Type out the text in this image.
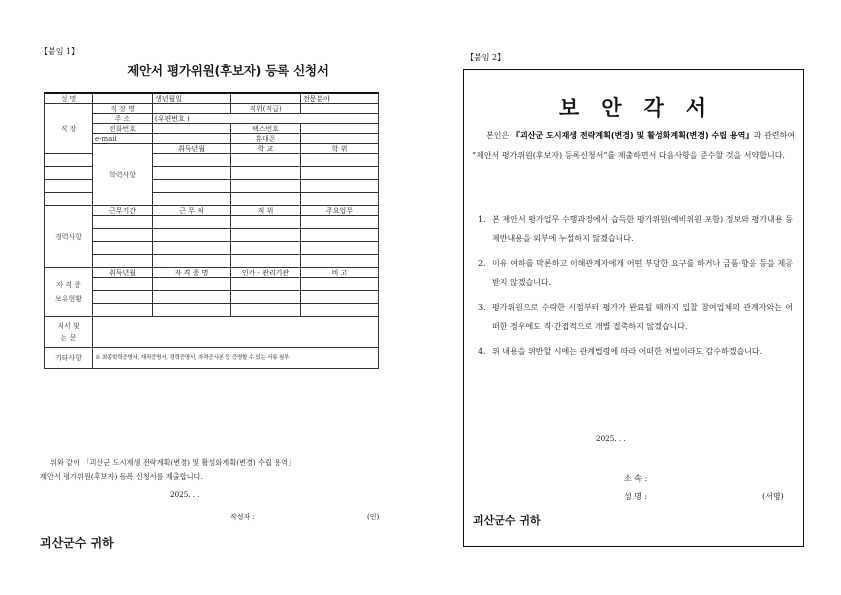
【붙임 1】
제안서 평가위원(후보자) 등록 신청서
성 명		생년월일		전문분야	
직 장	직 장 명		직위(직급)		
	주 소	(우편번호 )			
	전화번호		팩스번호		
	e-mail		휴대폰		
	학력사항	취득년월	학 교	학 위	

경력사항	근무기간	근 무 처	직 위	주요업무	

자 격 증
보유현황	취득년월	자 격 증 명	인가 · 관리기관	비 고	

저서 및
논 문					

기타사항	※ 최종학력증명서, 재직증명서, 경력증명서, 자격증사본 등 증명할 수 있는 서류 첨부				
위와 같이 「괴산군 도시재생 전략계획(변경) 및 활성화계획(변경) 수립 용역」
제안서 평가위원(후보자) 등록 신청서를 제출합니다.
2025. . .
작성자 :	(인)
괴산군수 귀하
【붙임 2】
보안각서
본인은 『괴산군 도시재생 전략계획(변경) 및 활성화계획(변경) 수립 용역』과 관련하여 “제안서 평가위원(후보자) 등록신청서”를 제출하면서 다음사항을 준수할 것을 서약합니다.
1. 본 제안서 평가업무 수행과정에서 습득한 평가위원(예비위원 포함) 정보와 평가내용 등 제반내용을 외부에 누설하지 않겠습니다.
2. 이유 여하를 막론하고 이해관계자에게 어떤 부당한 요구를 하거나 금품·향응 등을 제공받지 않겠습니다.
3. 평가위원으로 수락한 시점부터 평가가 완료될 때까지 입찰 참여업체의 관계자와는 어떠한 경우에도 직·간접적으로 개별 접촉하지 않겠습니다.
4. 위 내용을 위반할 시에는 관계법령에 따라 어떠한 처벌이라도 감수하겠습니다.
2025. . .
소 속 :
성 명 :	(서명)
괴산군수 귀하
